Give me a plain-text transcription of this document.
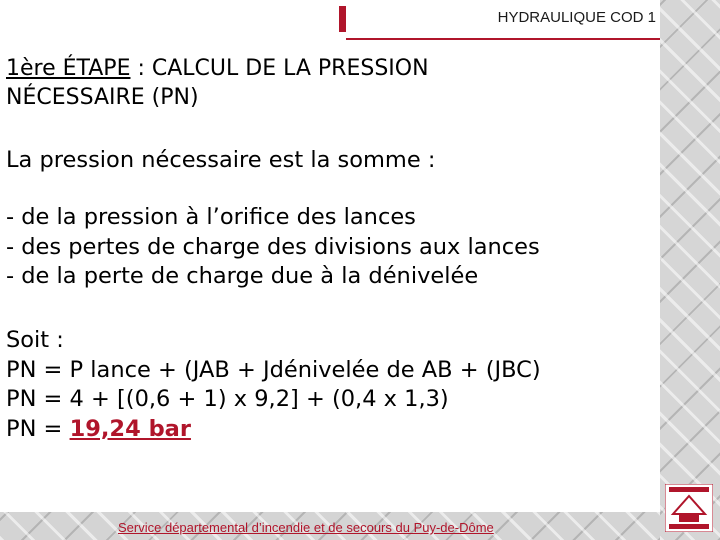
HYDRAULIQUE COD 1
1ère ÉTAPE : CALCUL DE LA PRESSION
NÉCESSAIRE (PN)
La pression nécessaire est la somme :
- de la pression à l’orifice des lances
- des pertes de charge des divisions aux lances
- de la perte de charge due à la dénivelée
Soit :
PN = P lance + (JAB + Jdénivelée de AB + (JBC)
PN = 4 + [(0,6 + 1) x 9,2] + (0,4 x 1,3)
PN = 19,24 bar
Service départemental d’incendie et de secours du Puy-de-Dôme
